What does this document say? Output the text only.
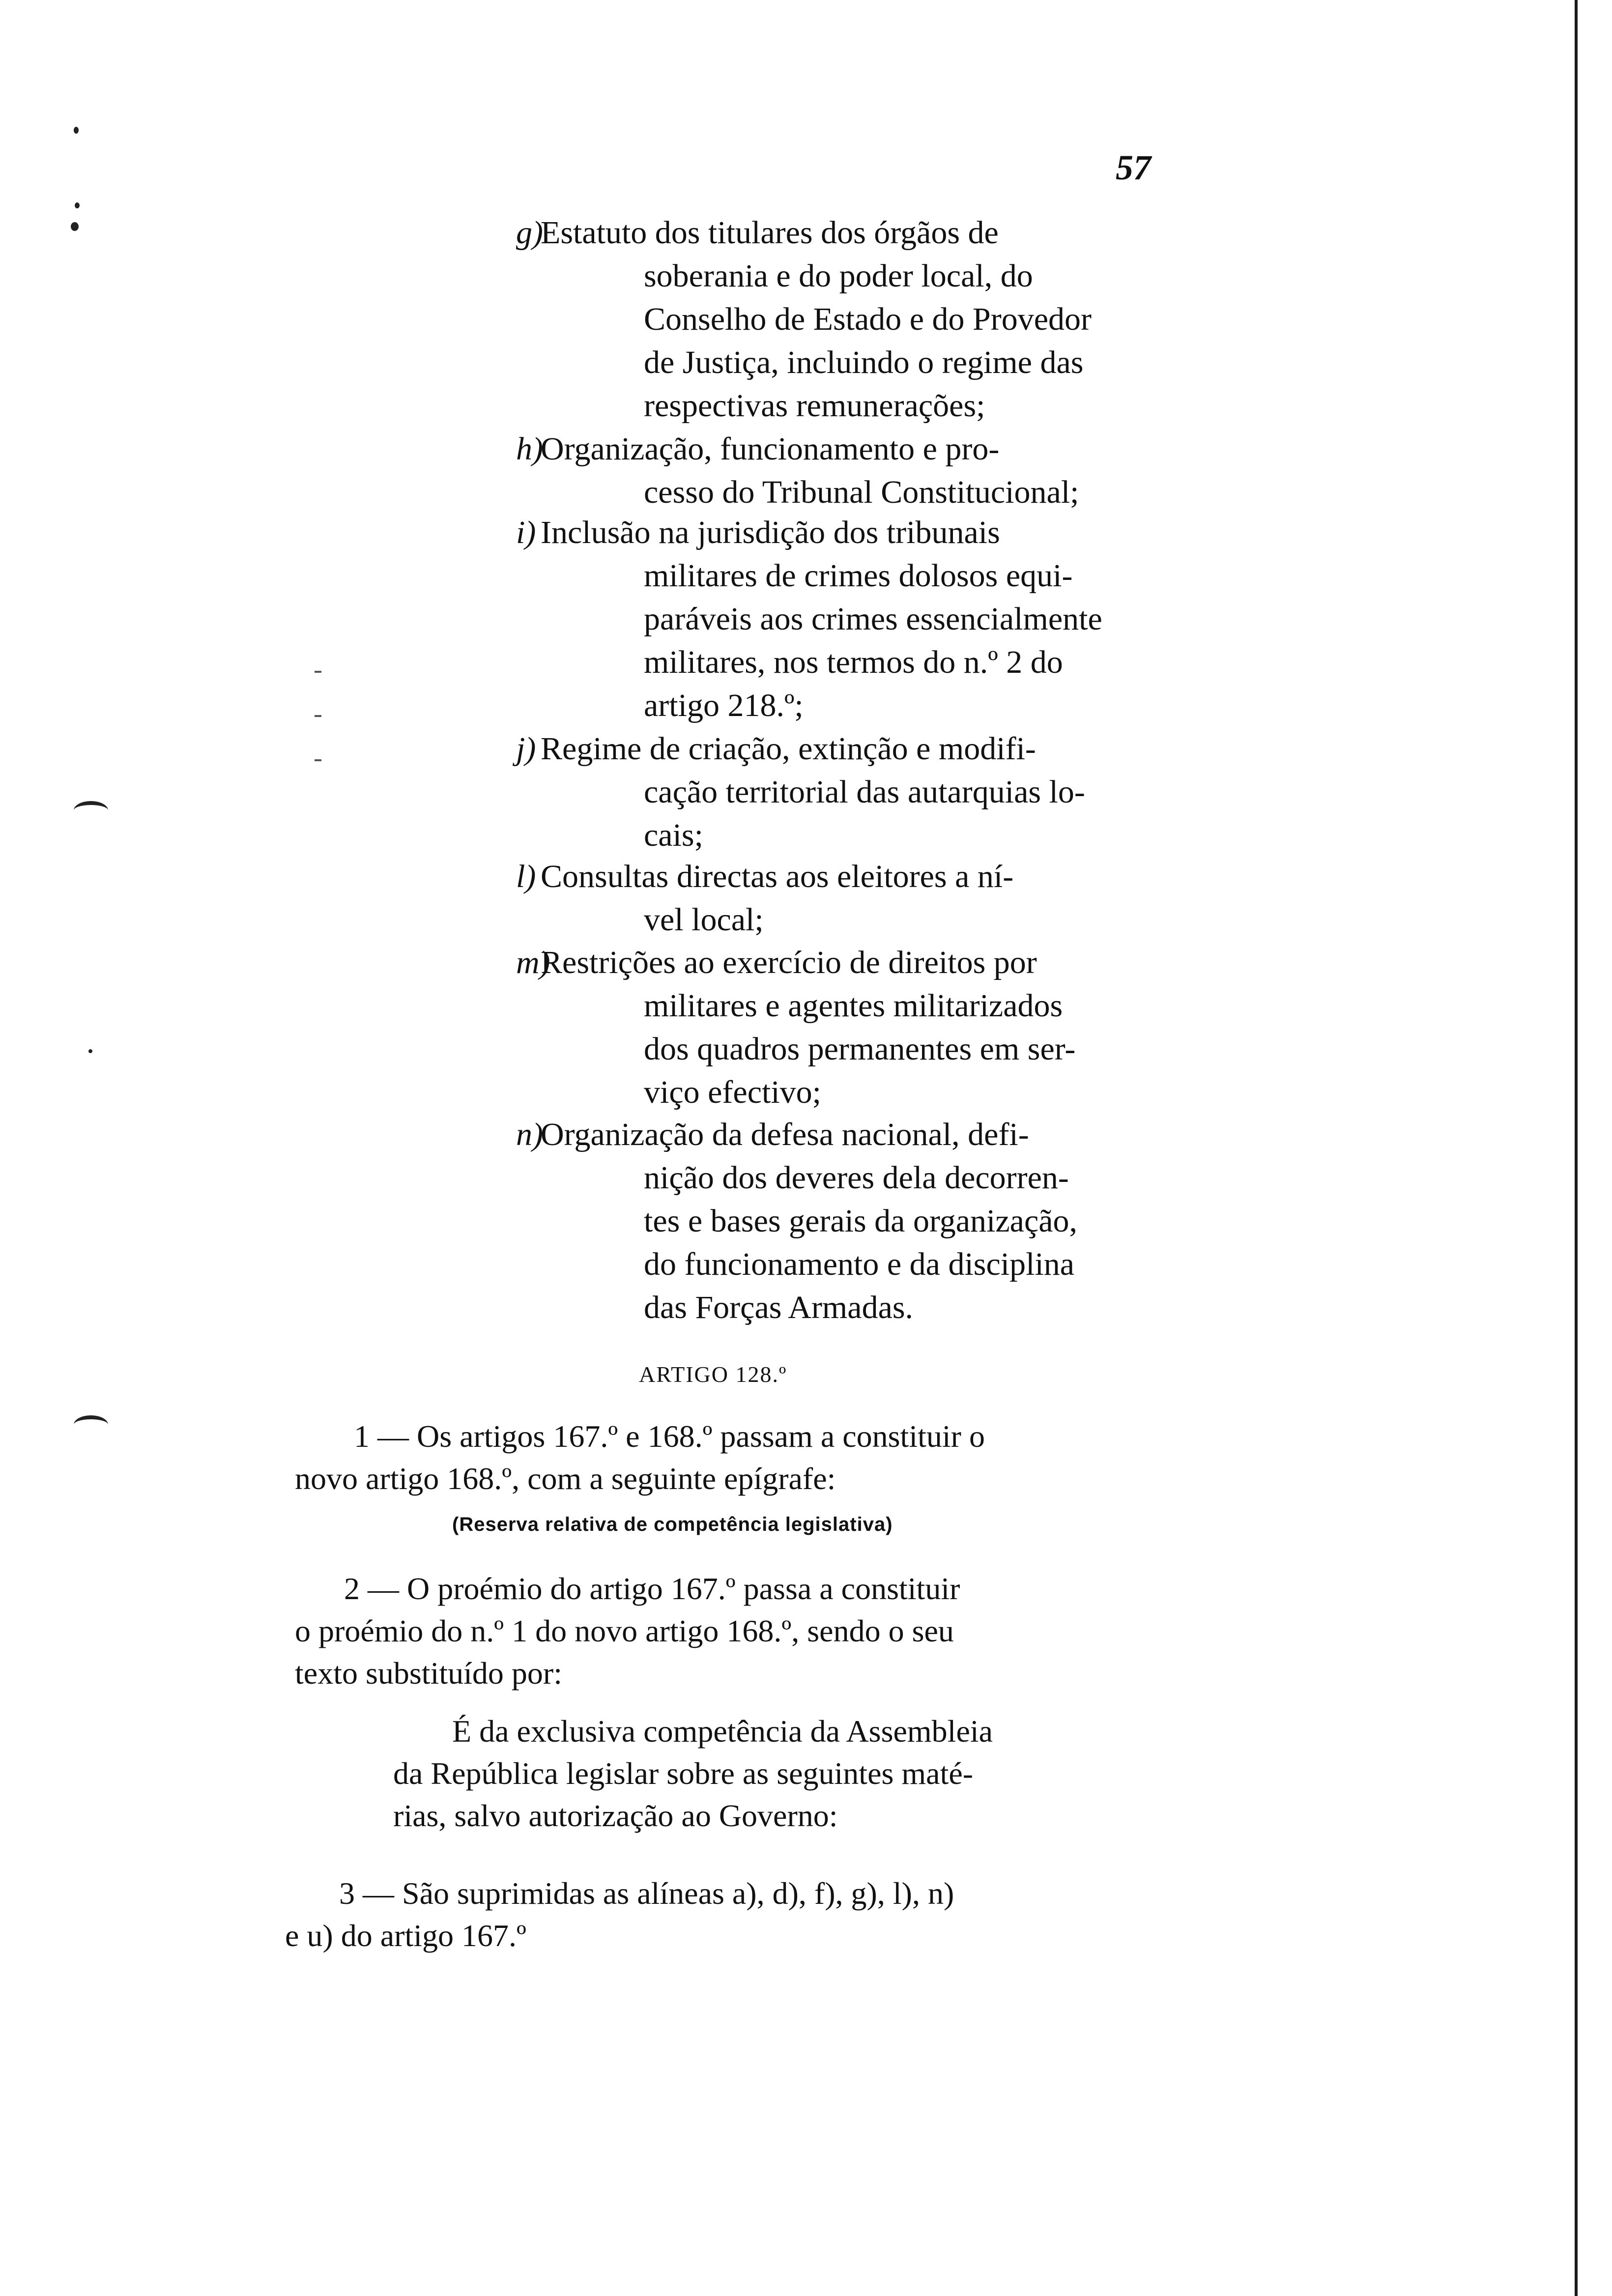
57
g)
Estatuto dos titulares dos órgãos de
soberania e do poder local, do
Conselho de Estado e do Provedor
de Justiça, incluindo o regime das
respectivas remunerações;
h)
Organização, funcionamento e pro-
cesso do Tribunal Constitucional;
i) Inclusão na jurisdição dos tribunais
militares de crimes dolosos equi-
paráveis aos crimes essencialmente
militares, nos termos do n.º 2 do
artigo 218.º;
j) Regime de criação, extinção e modifi-
cação territorial das autarquias lo-
cais;
l) Consultas directas aos eleitores a ní-
vel local;
m)
Restrições ao exercício de direitos por
militares e agentes militarizados
dos quadros permanentes em ser-
viço efectivo;
n)
Organização da defesa nacional, defi-
nição dos deveres dela decorren-
tes e bases gerais da organização,
do funcionamento e da disciplina
das Forças Armadas.
ARTIGO 128.º
1 — Os artigos 167.º e 168.º passam a constituir o
novo artigo 168.º, com a seguinte epígrafe:
(Reserva relativa de competência legislativa)
2 — O proémio do artigo 167.º passa a constituir
o proémio do n.º 1 do novo artigo 168.º, sendo o seu
texto substituído por:
É da exclusiva competência da Assembleia
da República legislar sobre as seguintes maté-
rias, salvo autorização ao Governo:
3 — São suprimidas as alíneas a), d), f), g), l), n)
e u) do artigo 167.º
